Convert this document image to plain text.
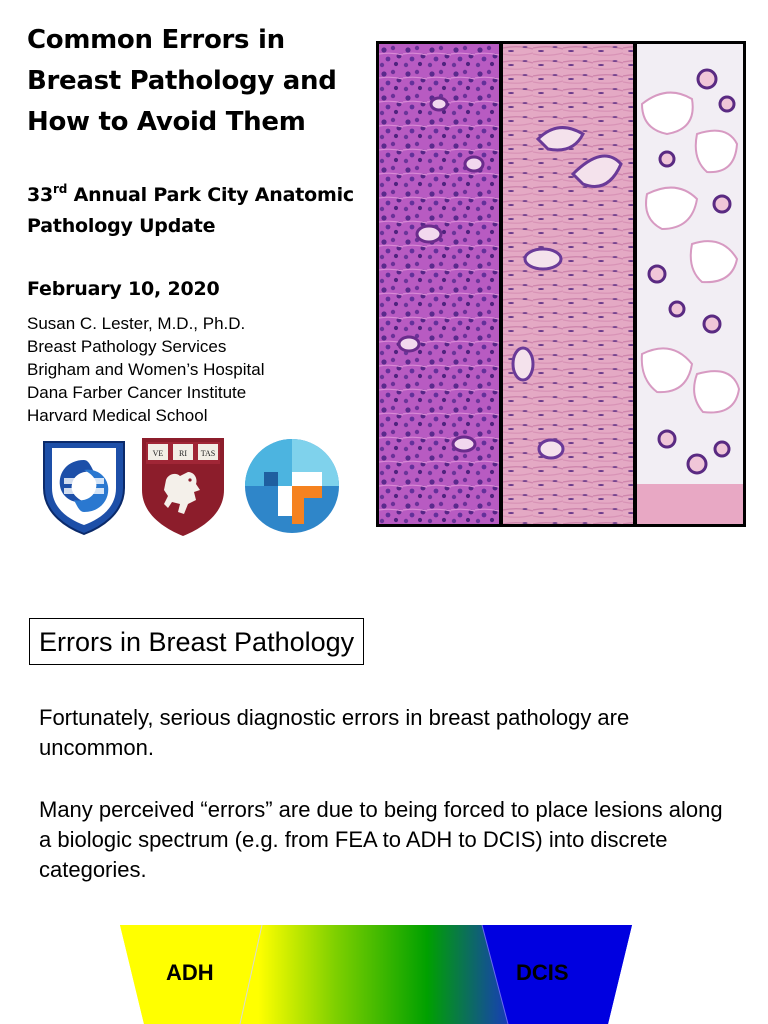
Common Errors in
Breast Pathology and
How to Avoid Them
33rd Annual Park City Anatomic
Pathology Update
February 10, 2020
Susan C. Lester, M.D., Ph.D.
Breast Pathology Services
Brigham and Women’s Hospital
Dana Farber Cancer Institute
Harvard Medical School
VE RI TAS
Errors in Breast Pathology

Fortunately, serious diagnostic errors in breast pathology are uncommon.

Many perceived “errors” are due to being forced to place lesions along a biologic spectrum (e.g. from FEA to ADH to DCIS) into discrete categories.

ADH	DCIS
